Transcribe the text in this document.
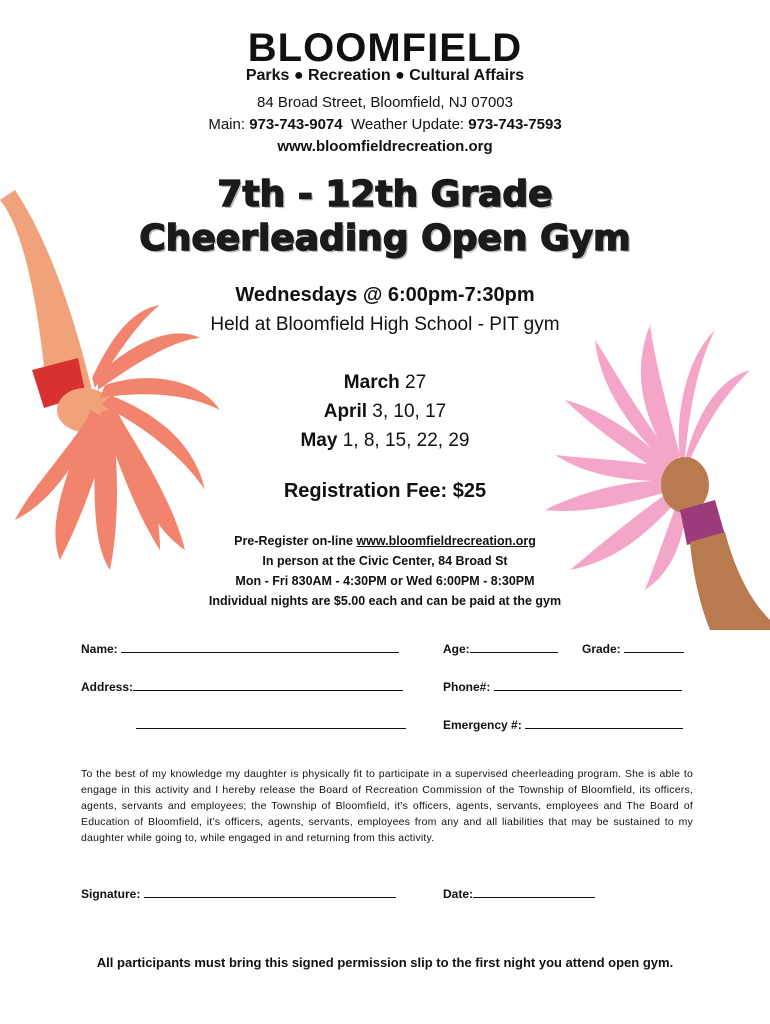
BLOOMFIELD
Parks ● Recreation ● Cultural Affairs
84 Broad Street, Bloomfield, NJ 07003
Main: 973-743-9074 Weather Update: 973-743-7593
www.bloomfieldrecreation.org
7th - 12th Grade
Cheerleading Open Gym
Wednesdays @ 6:00pm-7:30pm
Held at Bloomfield High School - PIT gym
March 27
April 3, 10, 17
May 1, 8, 15, 22, 29
Registration Fee: $25
Pre-Register on-line www.bloomfieldrecreation.org
In person at the Civic Center, 84 Broad St
Mon - Fri 830AM - 4:30PM or Wed 6:00PM - 8:30PM
Individual nights are $5.00 each and can be paid at the gym
Name:	Age:	Grade:
Address:	Phone#:
Emergency #:
To the best of my knowledge my daughter is physically fit to participate in a supervised cheerleading program. She is able to engage in this activity and I hereby release the Board of Recreation Commission of the Township of Bloomfield, its officers, agents, servants and employees; the Township of Bloomfield, it’s officers, agents, servants, employees and The Board of Education of Bloomfield, it’s officers, agents, servants, employees from any and all liabilities that may be sustained to my daughter while going to, while engaged in and returning from this activity.
Signature:	Date:
All participants must bring this signed permission slip to the first night you attend open gym.
